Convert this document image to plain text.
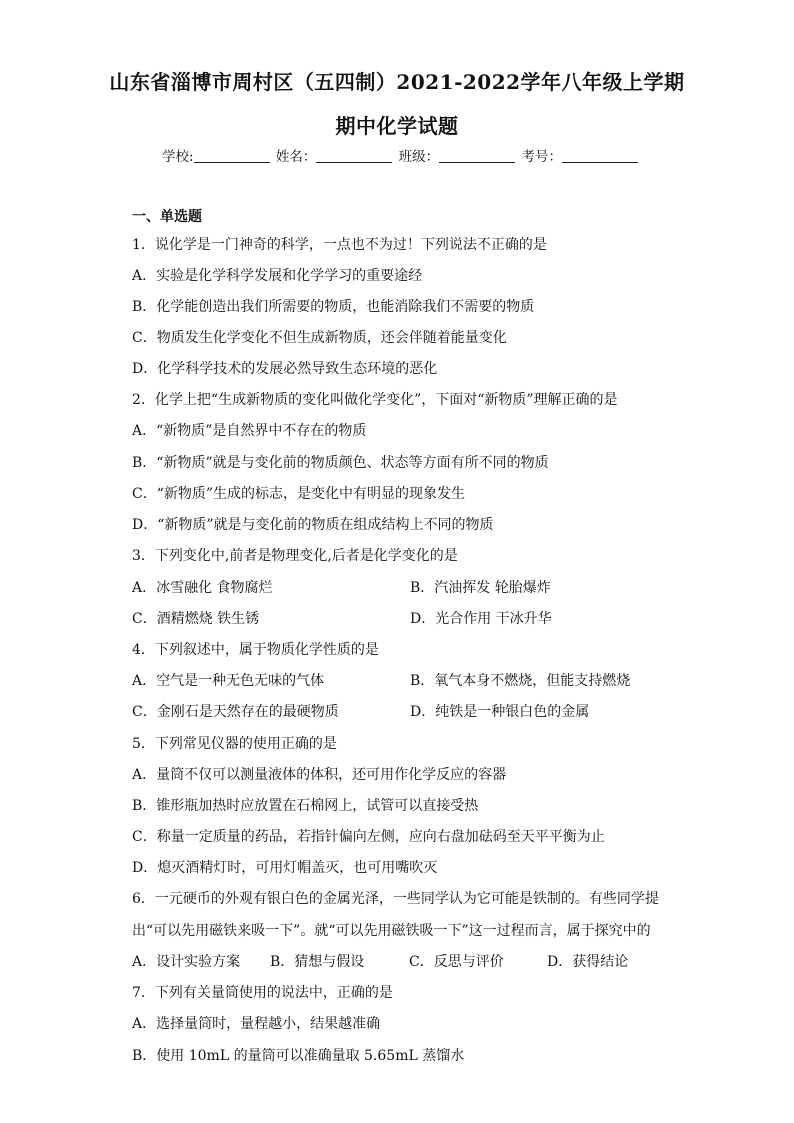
山东省淄博市周村区（五四制）2021-2022学年八年级上学期
期中化学试题
学校:	姓名：	班级：	考号：
一、单选题
1．说化学是一门神奇的科学，一点也不为过！下列说法不正确的是
A．实验是化学科学发展和化学学习的重要途经
B．化学能创造出我们所需要的物质，也能消除我们不需要的物质
C．物质发生化学变化不但生成新物质，还会伴随着能量变化
D．化学科学技术的发展必然导致生态环境的恶化
2．化学上把“生成新物质的变化叫做化学变化”，下面对“新物质”理解正确的是
A．“新物质”是自然界中不存在的物质
B．“新物质”就是与变化前的物质颜色、状态等方面有所不同的物质
C．“新物质”生成的标志，是变化中有明显的现象发生
D．“新物质”就是与变化前的物质在组成结构上不同的物质
3．下列变化中,前者是物理变化,后者是化学变化的是
A．冰雪融化 食物腐烂	B．汽油挥发 轮胎爆炸
C．酒精燃烧 铁生锈	D．光合作用 干冰升华
4．下列叙述中，属于物质化学性质的是
A．空气是一种无色无味的气体	B．氧气本身不燃烧，但能支持燃烧
C．金刚石是天然存在的最硬物质	D．纯铁是一种银白色的金属
5．下列常见仪器的使用正确的是
A．量筒不仅可以测量液体的体积，还可用作化学反应的容器
B．锥形瓶加热时应放置在石棉网上，试管可以直接受热
C．称量一定质量的药品，若指针偏向左侧，应向右盘加砝码至天平平衡为止
D．熄灭酒精灯时，可用灯帽盖灭，也可用嘴吹灭
6．一元硬币的外观有银白色的金属光泽，一些同学认为它可能是铁制的。有些同学提
出“可以先用磁铁来吸一下”。就“可以先用磁铁吸一下”这一过程而言，属于探究中的
A．设计实验方案 B．猜想与假设	C．反思与评价	D．获得结论
7．下列有关量筒使用的说法中，正确的是
A．选择量筒时，量程越小，结果越准确
B．使用 10mL 的量筒可以准确量取 5.65mL 蒸馏水
